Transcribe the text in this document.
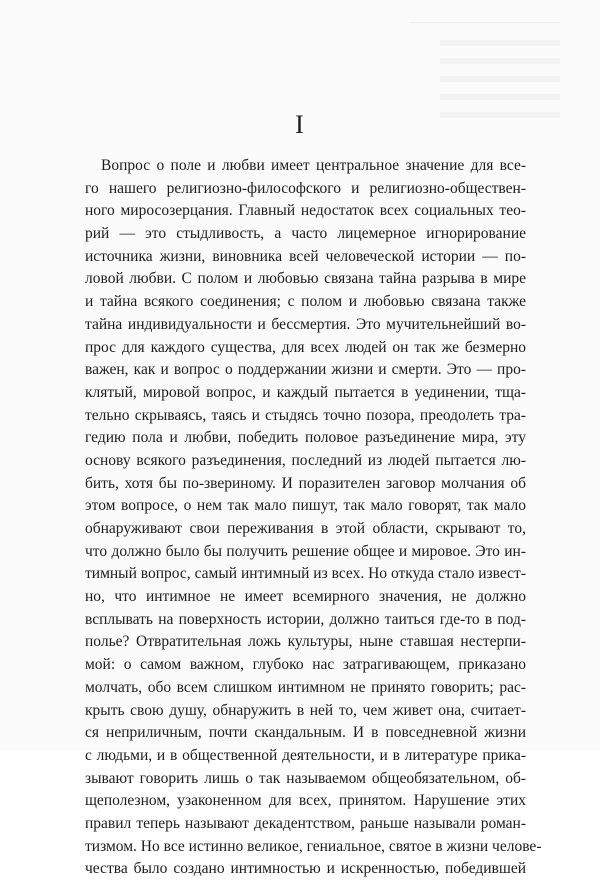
I
Вопрос о поле и любви имеет центральное значение для все-
го нашего религиозно-философского и религиозно-обществен-
ного миросозерцания. Главный недостаток всех социальных тео-
рий — это стыдливость, а часто лицемерное игнорирование
источника жизни, виновника всей человеческой истории — по-
ловой любви. С полом и любовью связана тайна разрыва в мире
и тайна всякого соединения; с полом и любовью связана также
тайна индивидуальности и бессмертия. Это мучительнейший во-
прос для каждого существа, для всех людей он так же безмерно
важен, как и вопрос о поддержании жизни и смерти. Это — про-
клятый, мировой вопрос, и каждый пытается в уединении, тща-
тельно скрываясь, таясь и стыдясь точно позора, преодолеть тра-
гедию пола и любви, победить половое разъединение мира, эту
основу всякого разъединения, последний из людей пытается лю-
бить, хотя бы по-звериному. И поразителен заговор молчания об
этом вопросе, о нем так мало пишут, так мало говорят, так мало
обнаруживают свои переживания в этой области, скрывают то,
что должно было бы получить решение общее и мировое. Это ин-
тимный вопрос, самый интимный из всех. Но откуда стало извест-
но, что интимное не имеет всемирного значения, не должно
всплывать на поверхность истории, должно таиться где-то в под-
полье? Отвратительная ложь культуры, ныне ставшая нестерпи-
мой: о самом важном, глубоко нас затрагивающем, приказано
молчать, обо всем слишком интимном не принято говорить; рас-
крыть свою душу, обнаружить в ней то, чем живет она, считает-
ся неприличным, почти скандальным. И в повседневной жизни
с людьми, и в общественной деятельности, и в литературе прика-
зывают говорить лишь о так называемом общеобязательном, об-
щеполезном, узаконенном для всех, принятом. Нарушение этих
правил теперь называют декадентством, раньше называли роман-
тизмом. Но все истинно великое, гениальное, святое в жизни челове-
чества было создано интимностью и искренностью, победившей
